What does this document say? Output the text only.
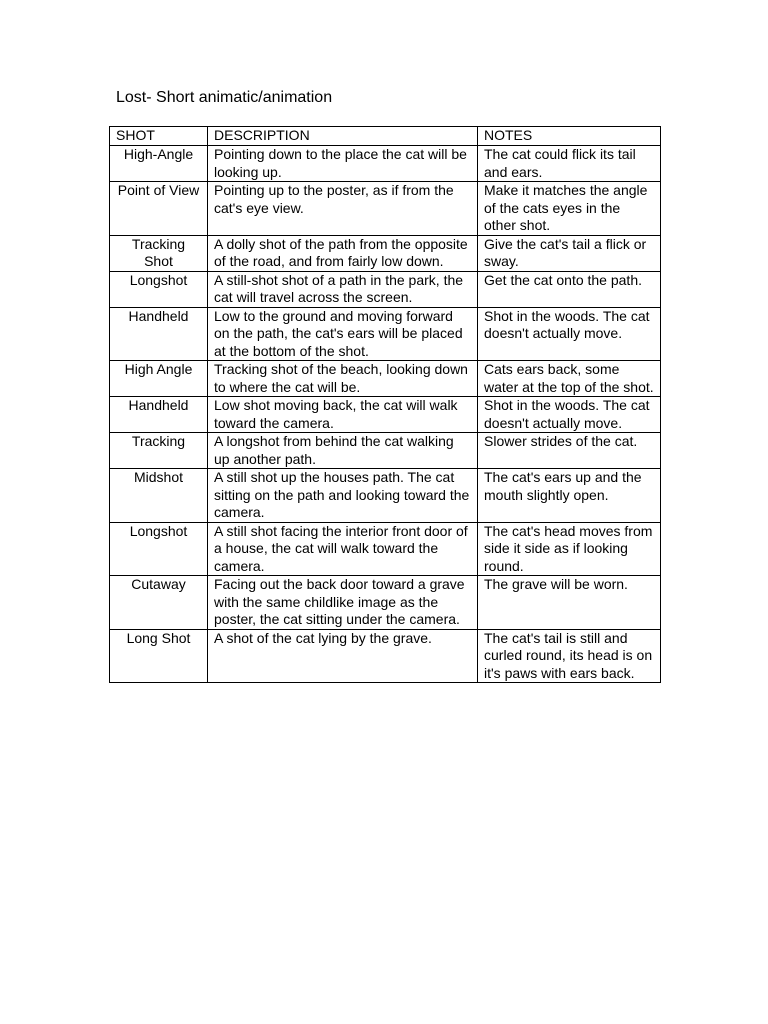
Lost- Short animatic/animation
SHOT	DESCRIPTION	NOTES
High-Angle	Pointing down to the place the cat will be looking up.	The cat could flick its tail and ears.
Point of View	Pointing up to the poster, as if from the cat's eye view.	Make it matches the angle of the cats eyes in the other shot.
Tracking Shot	A dolly shot of the path from the opposite of the road, and from fairly low down.	Give the cat's tail a flick or sway.
Longshot	A still-shot shot of a path in the park, the cat will travel across the screen.	Get the cat onto the path.
Handheld	Low to the ground and moving forward on the path, the cat's ears will be placed at the bottom of the shot.	Shot in the woods. The cat doesn't actually move.
High Angle	Tracking shot of the beach, looking down to where the cat will be.	Cats ears back, some water at the top of the shot.
Handheld	Low shot moving back, the cat will walk toward the camera.	Shot in the woods. The cat doesn't actually move.
Tracking	A longshot from behind the cat walking up another path.	Slower strides of the cat.
Midshot	A still shot up the houses path. The cat sitting on the path and looking toward the camera.	The cat's ears up and the mouth slightly open.
Longshot	A still shot facing the interior front door of a house, the cat will walk toward the camera.	The cat's head moves from side it side as if looking round.
Cutaway	Facing out the back door toward a grave with the same childlike image as the poster, the cat sitting under the camera.	The grave will be worn.
Long Shot	A shot of the cat lying by the grave.	The cat's tail is still and curled round, its head is on it's paws with ears back.
